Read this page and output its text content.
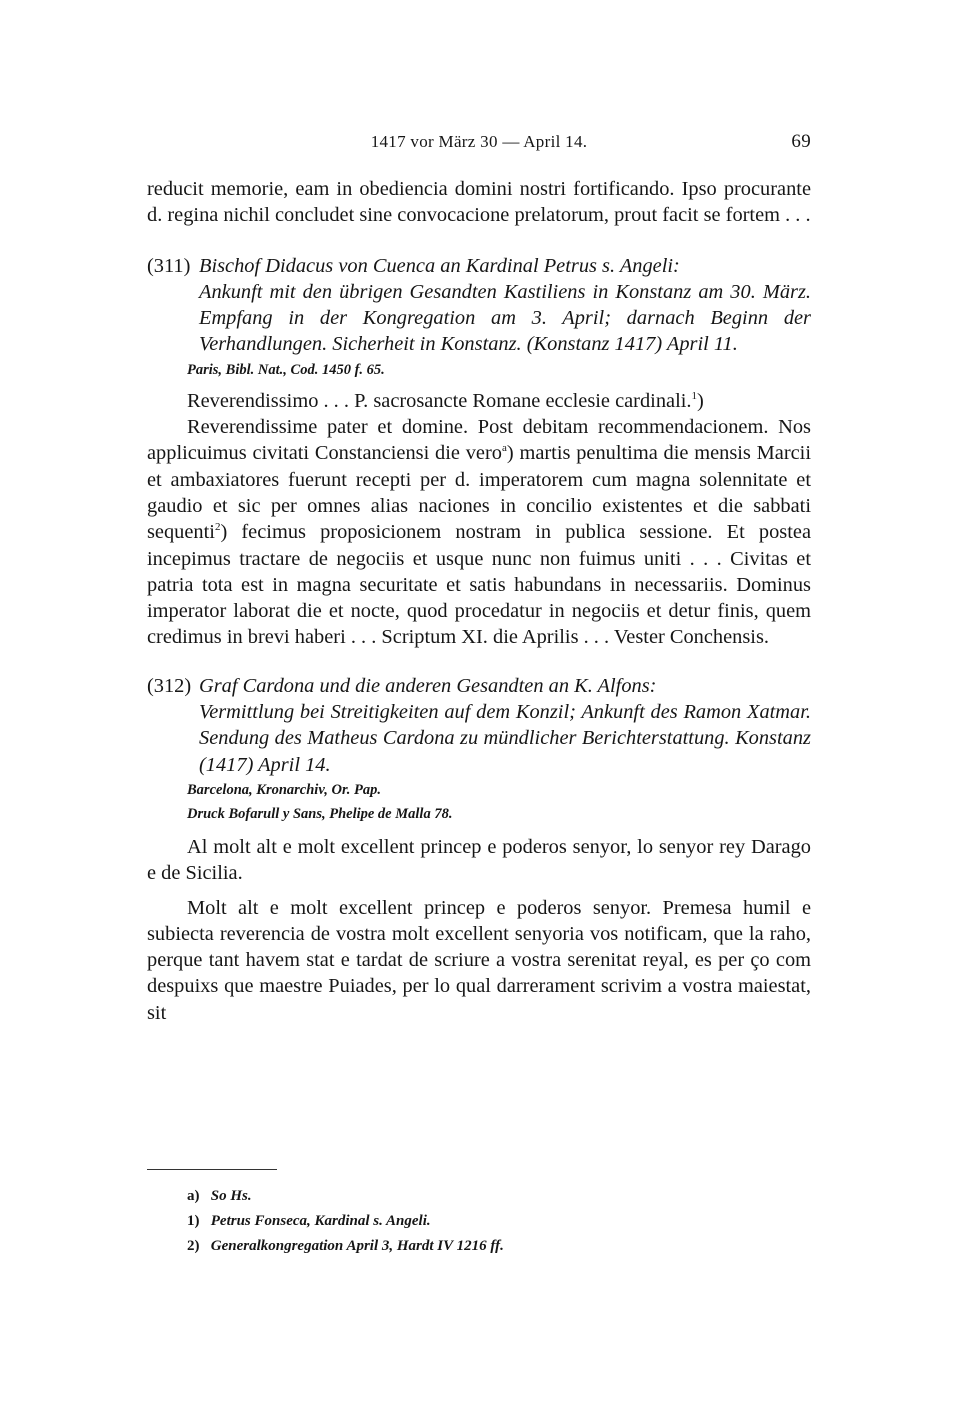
1417 vor März 30 — April 14.	69

reducit memorie, eam in obediencia domini nostri fortificando. Ipso procurante d. regina nichil concludet sine convocacione prelatorum, prout facit se fortem . . .

(311) Bischof Didacus von Cuenca an Kardinal Petrus s. Angeli:
Ankunft mit den übrigen Gesandten Kastiliens in Konstanz am 30. März. Empfang in der Kongregation am 3. April; darnach Beginn der Verhandlungen. Sicherheit in Konstanz. (Konstanz 1417) April 11.
Paris, Bibl. Nat., Cod. 1450 f. 65.
Reverendissimo . . . P. sacrosancte Romane ecclesie cardinali.$^1$)
Reverendissime pater et domine. Post debitam recommendacionem. Nos applicuimus civitati Constanciensi die vero$^a$) martis penultima die mensis Marcii et ambaxiatores fuerunt recepti per d. imperatorem cum magna solennitate et gaudio et sic per omnes alias naciones in concilio existentes et die sabbati sequenti$^2$) fecimus proposicionem nostram in publica sessione. Et postea incepimus tractare de negociis et usque nunc non fuimus uniti . . . Civitas et patria tota est in magna securitate et satis habundans in necessariis. Dominus imperator laborat die et nocte, quod procedatur in negociis et detur finis, quem credimus in brevi haberi . . . Scriptum XI. die Aprilis . . . Vester Conchensis.
(312) Graf Cardona und die anderen Gesandten an K. Alfons:
Vermittlung bei Streitigkeiten auf dem Konzil; Ankunft des Ramon Xatmar. Sendung des Matheus Cardona zu mündlicher Berichterstattung. Konstanz (1417) April 14.
Barcelona, Kronarchiv, Or. Pap.
Druck Bofarull y Sans, Phelipe de Malla 78.
Al molt alt e molt excellent princep e poderos senyor, lo senyor rey Darago e de Sicilia.
Molt alt e molt excellent princep e poderos senyor. Premesa humil e subiecta reverencia de vostra molt excellent senyoria vos notificam, que la raho, perque tant havem stat e tardat de scriure a vostra serenitat reyal, es per ço com despuixs que maestre Puiades, per lo qual darrerament scrivim a vostra maiestat, sit
a) So Hs.
1) Petrus Fonseca, Kardinal s. Angeli.
2) Generalkongregation April 3, Hardt IV 1216 ff.
